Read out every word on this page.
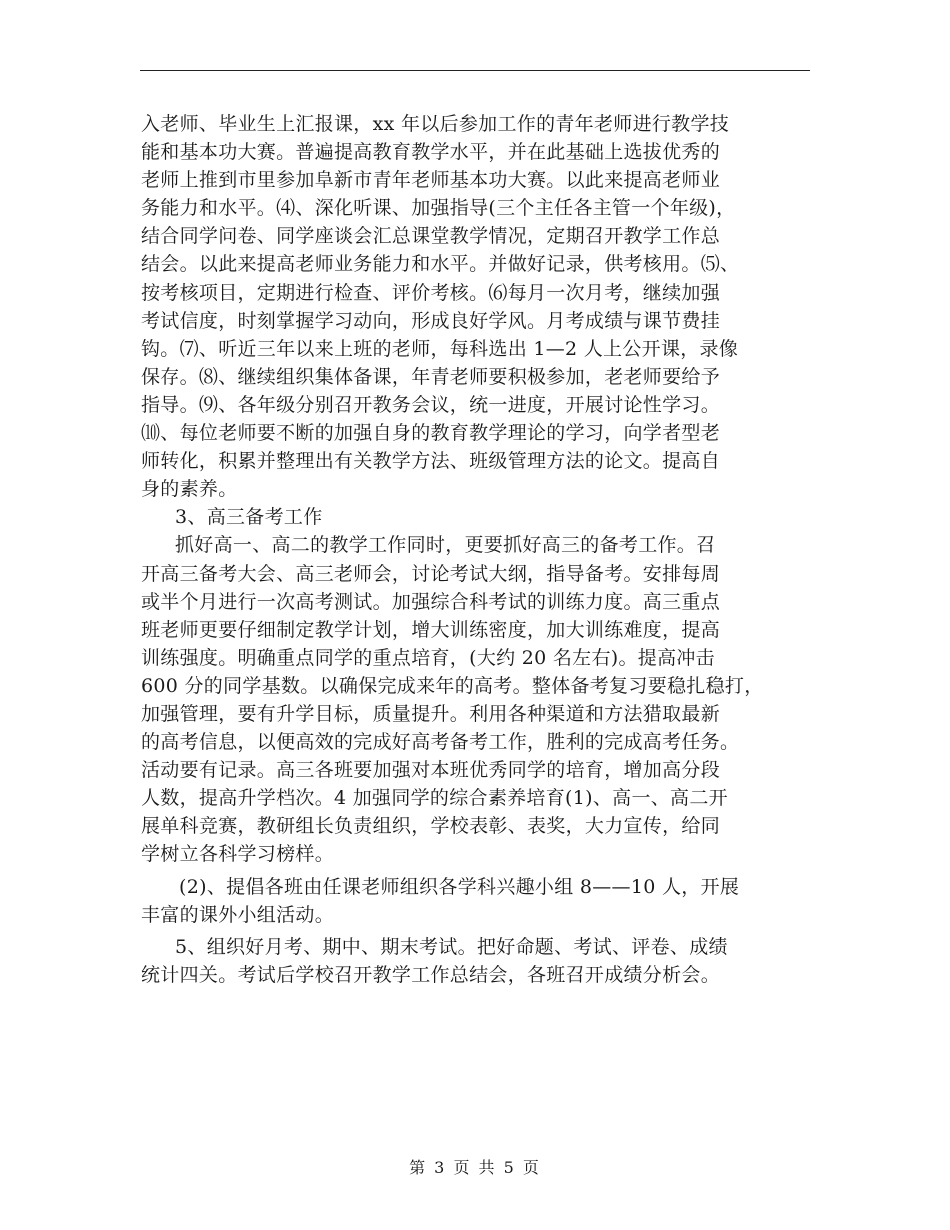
入老师、毕业生上汇报课，xx 年以后参加工作的青年老师进行教学技
能和基本功大赛。普遍提高教育教学水平，并在此基础上选拔优秀的
老师上推到市里参加阜新市青年老师基本功大赛。以此来提高老师业
务能力和水平。⑷、深化听课、加强指导(三个主任各主管一个年级)，
结合同学问卷、同学座谈会汇总课堂教学情况，定期召开教学工作总
结会。以此来提高老师业务能力和水平。并做好记录，供考核用。⑸、
按考核项目，定期进行检查、评价考核。⑹每月一次月考，继续加强
考试信度，时刻掌握学习动向，形成良好学风。月考成绩与课节费挂
钩。⑺、听近三年以来上班的老师，每科选出 1—2 人上公开课，录像
保存。⑻、继续组织集体备课，年青老师要积极参加，老老师要给予
指导。⑼、各年级分别召开教务会议，统一进度，开展讨论性学习。
⑽、每位老师要不断的加强自身的教育教学理论的学习，向学者型老
师转化，积累并整理出有关教学方法、班级管理方法的论文。提高自
身的素养。
3、高三备考工作
抓好高一、高二的教学工作同时，更要抓好高三的备考工作。召
开高三备考大会、高三老师会，讨论考试大纲，指导备考。安排每周
或半个月进行一次高考测试。加强综合科考试的训练力度。高三重点
班老师更要仔细制定教学计划，增大训练密度，加大训练难度，提高
训练强度。明确重点同学的重点培育，(大约 20 名左右)。提高冲击
600 分的同学基数。以确保完成来年的高考。整体备考复习要稳扎稳打，
加强管理，要有升学目标，质量提升。利用各种渠道和方法猎取最新
的高考信息，以便高效的完成好高考备考工作，胜利的完成高考任务。
活动要有记录。高三各班要加强对本班优秀同学的培育，增加高分段
人数，提高升学档次。4 加强同学的综合素养培育(1)、高一、高二开
展单科竞赛，教研组长负责组织，学校表彰、表奖，大力宣传，给同
学树立各科学习榜样。
(2)、提倡各班由任课老师组织各学科兴趣小组 8——10 人，开展
丰富的课外小组活动。
5、组织好月考、期中、期末考试。把好命题、考试、评卷、成绩
统计四关。考试后学校召开教学工作总结会，各班召开成绩分析会。
第 3 页 共 5 页
